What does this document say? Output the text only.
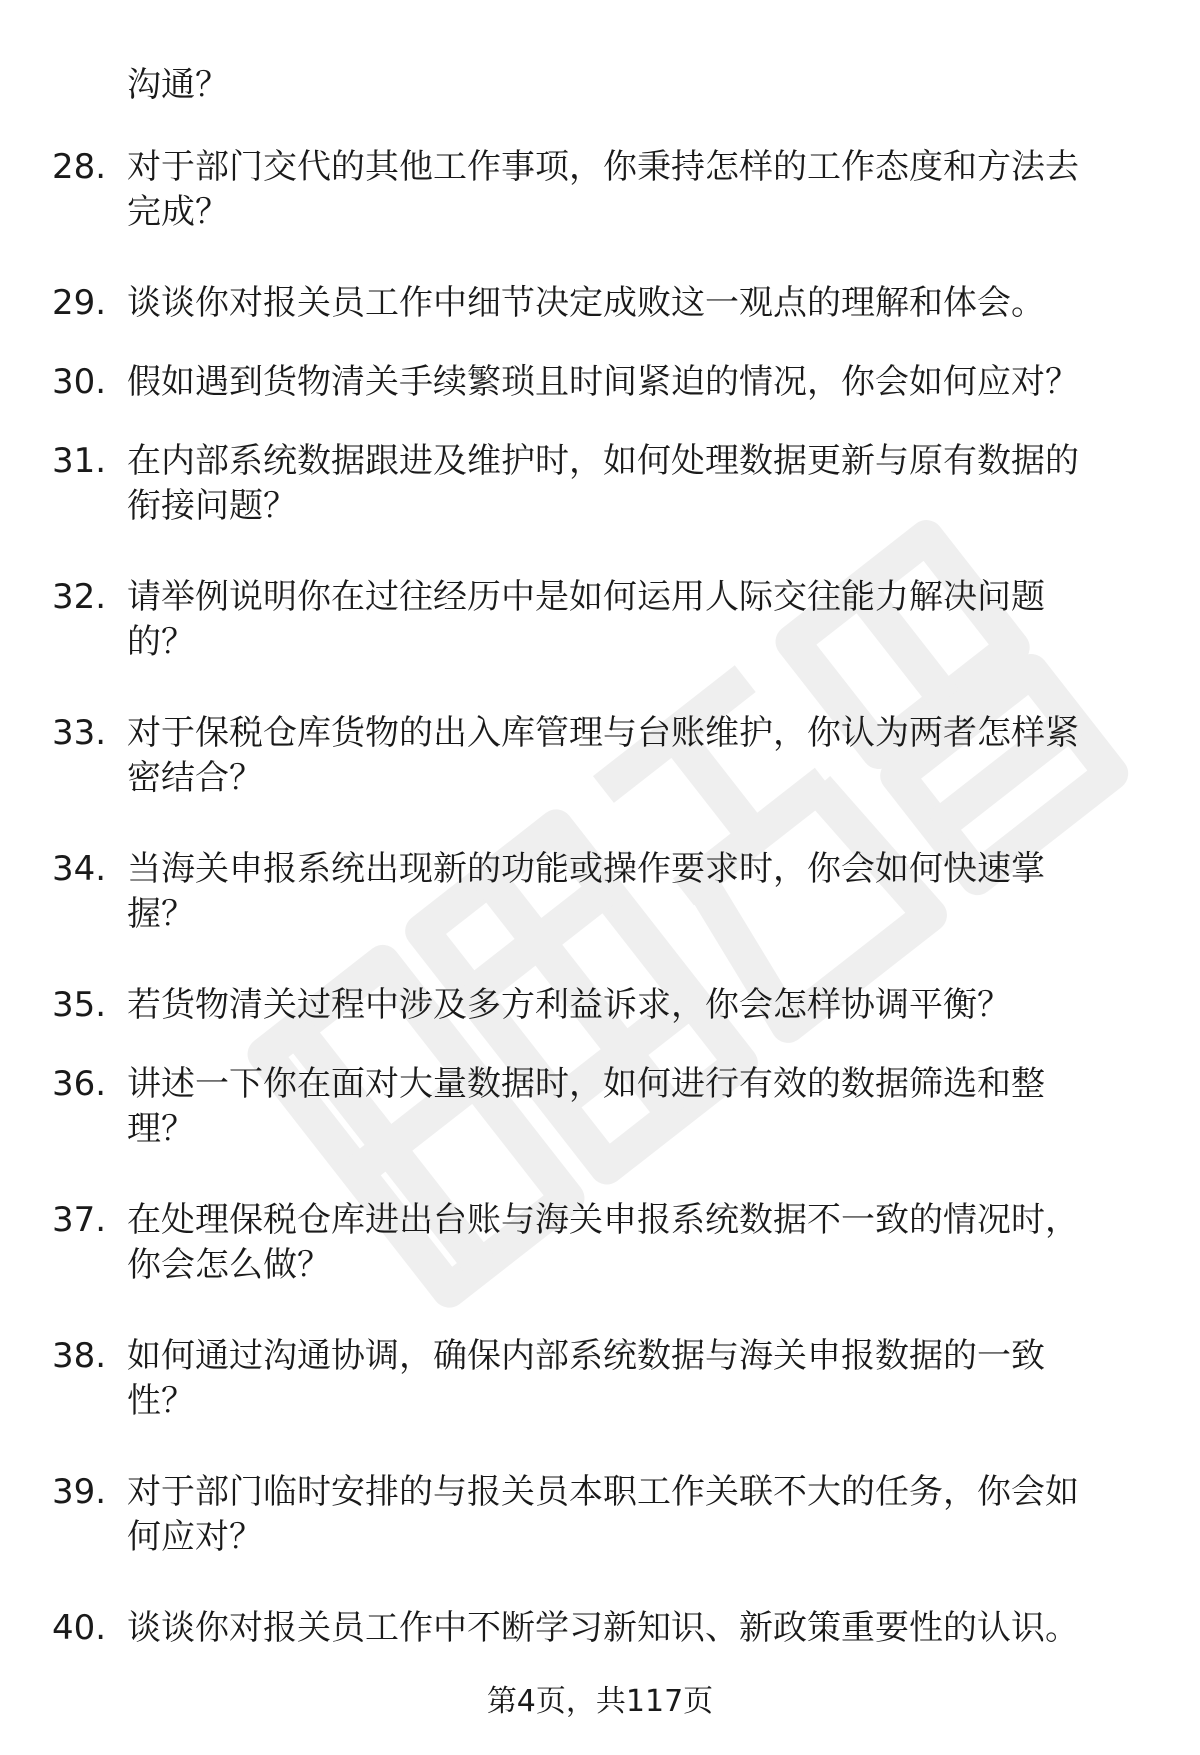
沟通？
28. 对于部门交代的其他工作事项，你秉持怎样的工作态度和方法去
完成？
29. 谈谈你对报关员工作中细节决定成败这一观点的理解和体会。
30. 假如遇到货物清关手续繁琐且时间紧迫的情况，你会如何应对？
31. 在内部系统数据跟进及维护时，如何处理数据更新与原有数据的
衔接问题？
32. 请举例说明你在过往经历中是如何运用人际交往能力解决问题
的？
33. 对于保税仓库货物的出入库管理与台账维护，你认为两者怎样紧
密结合？
34. 当海关申报系统出现新的功能或操作要求时，你会如何快速掌
握？
35. 若货物清关过程中涉及多方利益诉求，你会怎样协调平衡？
36. 讲述一下你在面对大量数据时，如何进行有效的数据筛选和整
理？
37. 在处理保税仓库进出台账与海关申报系统数据不一致的情况时，
你会怎么做？
38. 如何通过沟通协调，确保内部系统数据与海关申报数据的一致
性？
39. 对于部门临时安排的与报关员本职工作关联不大的任务，你会如
何应对？
40. 谈谈你对报关员工作中不断学习新知识、新政策重要性的认识。
第4页，共117页
